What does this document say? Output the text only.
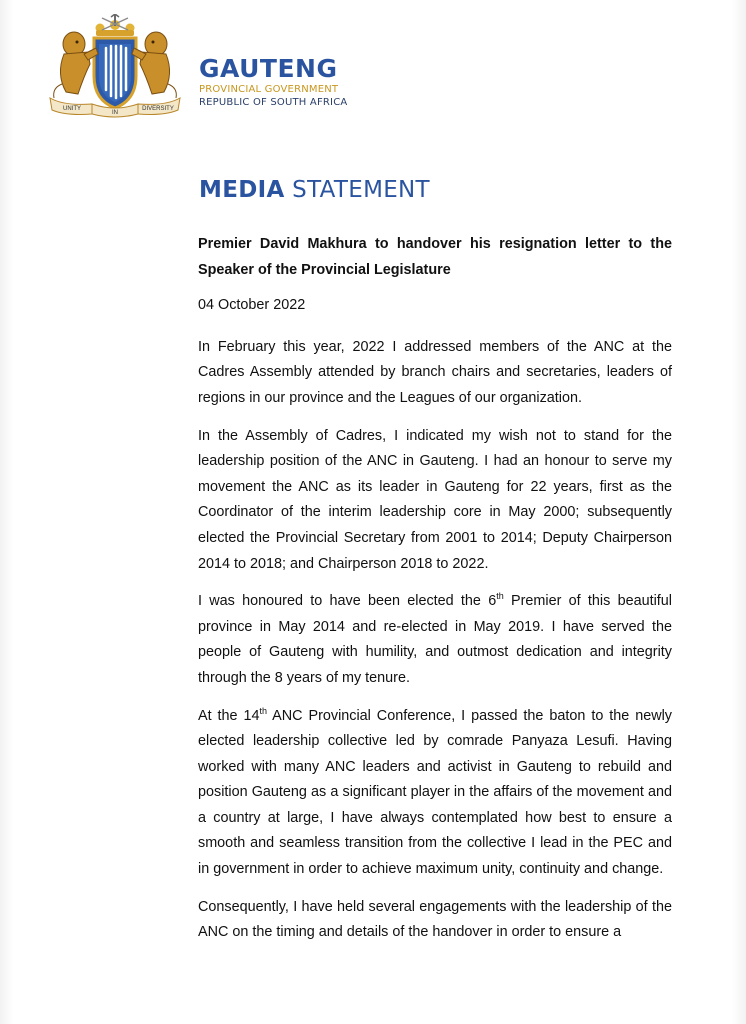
UNITY
IN
DIVERSITY
GAUTENG
PROVINCIAL GOVERNMENT
REPUBLIC OF SOUTH AFRICA
MEDIA STATEMENT

Premier David Makhura to handover his resignation letter to the Speaker of the Provincial Legislature

04 October 2022

In February this year, 2022 I addressed members of the ANC at the Cadres Assembly attended by branch chairs and secretaries, leaders of regions in our province and the Leagues of our organization.

In the Assembly of Cadres, I indicated my wish not to stand for the leadership position of the ANC in Gauteng. I had an honour to serve my movement the ANC as its leader in Gauteng for 22 years, first as the Coordinator of the interim leadership core in May 2000; subsequently elected the Provincial Secretary from 2001 to 2014; Deputy Chairperson 2014 to 2018; and Chairperson 2018 to 2022.

I was honoured to have been elected the 6th Premier of this beautiful province in May 2014 and re-elected in May 2019. I have served the people of Gauteng with humility, and outmost dedication and integrity through the 8 years of my tenure.

At the 14th ANC Provincial Conference, I passed the baton to the newly elected leadership collective led by comrade Panyaza Lesufi. Having worked with many ANC leaders and activist in Gauteng to rebuild and position Gauteng as a significant player in the affairs of the movement and a country at large, I have always contemplated how best to ensure a smooth and seamless transition from the collective I lead in the PEC and in government in order to achieve maximum unity, continuity and change.

Consequently, I have held several engagements with the leadership of the ANC on the timing and details of the handover in order to ensure a
